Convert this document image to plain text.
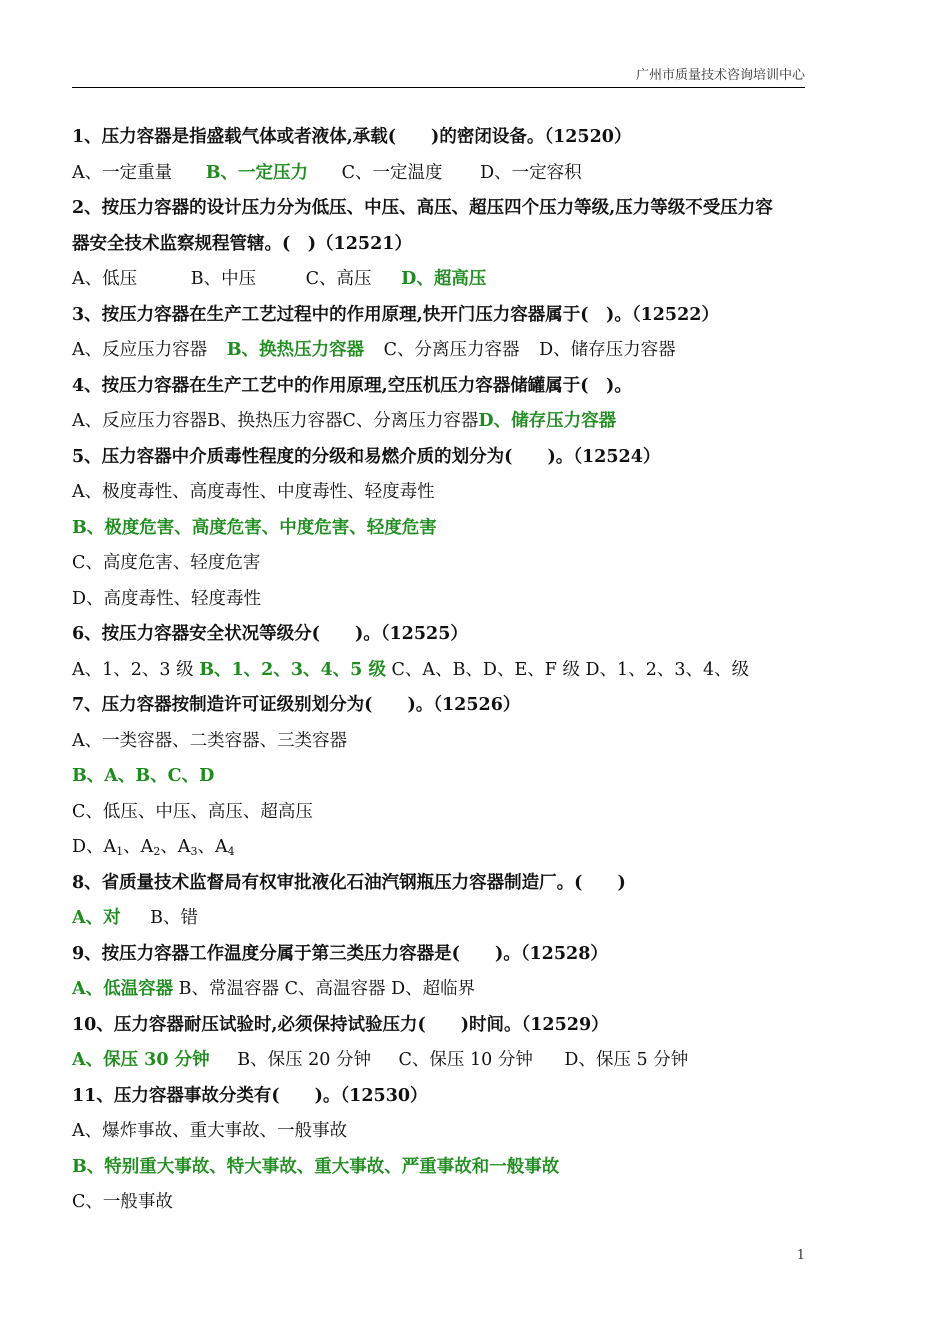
广州市质量技术咨询培训中心
1、压力容器是指盛载气体或者液体,承载(　　)的密闭设备。（12520）
A、一定重量 B、一定压力 C、一定温度 D、一定容积
2、按压力容器的设计压力分为低压、中压、高压、超压四个压力等级,压力等级不受压力容
器安全技术监察规程管辖。(　)（12521）
A、低压	B、中压	C、高压 D、超高压
3、按压力容器在生产工艺过程中的作用原理,快开门压力容器属于(　)。（12522）
A、反应压力容器 B、换热压力容器 C、分离压力容器 D、储存压力容器
4、按压力容器在生产工艺中的作用原理,空压机压力容器储罐属于(　)。
A、反应压力容器B、换热压力容器C、分离压力容器D、储存压力容器
5、压力容器中介质毒性程度的分级和易燃介质的划分为(　　)。（12524）
A、极度毒性、高度毒性、中度毒性、轻度毒性
B、极度危害、高度危害、中度危害、轻度危害
C、高度危害、轻度危害
D、高度毒性、轻度毒性
6、按压力容器安全状况等级分(　　)。（12525）
A、1、2、3 级 B、1、2、3、4、5 级 C、A、B、D、E、F 级 D、1、2、3、4、级
7、压力容器按制造许可证级别划分为(　　)。（12526）
A、一类容器、二类容器、三类容器
B、A、B、C、D
C、低压、中压、高压、超高压
D、$A_1$、$A_2$、$A_3$、$A_4$
8、省质量技术监督局有权审批液化石油汽钢瓶压力容器制造厂。(　　)
A、对 B、错
9、按压力容器工作温度分属于第三类压力容器是(　　)。（12528）
A、低温容器 B、常温容器 C、高温容器 D、超临界
10、压力容器耐压试验时,必须保持试验压力(　　)时间。（12529）
A、保压 30 分钟 B、保压 20 分钟 C、保压 10 分钟 D、保压 5 分钟
11、压力容器事故分类有(　　)。（12530）
A、爆炸事故、重大事故、一般事故
B、特别重大事故、特大事故、重大事故、严重事故和一般事故
C、一般事故
1
